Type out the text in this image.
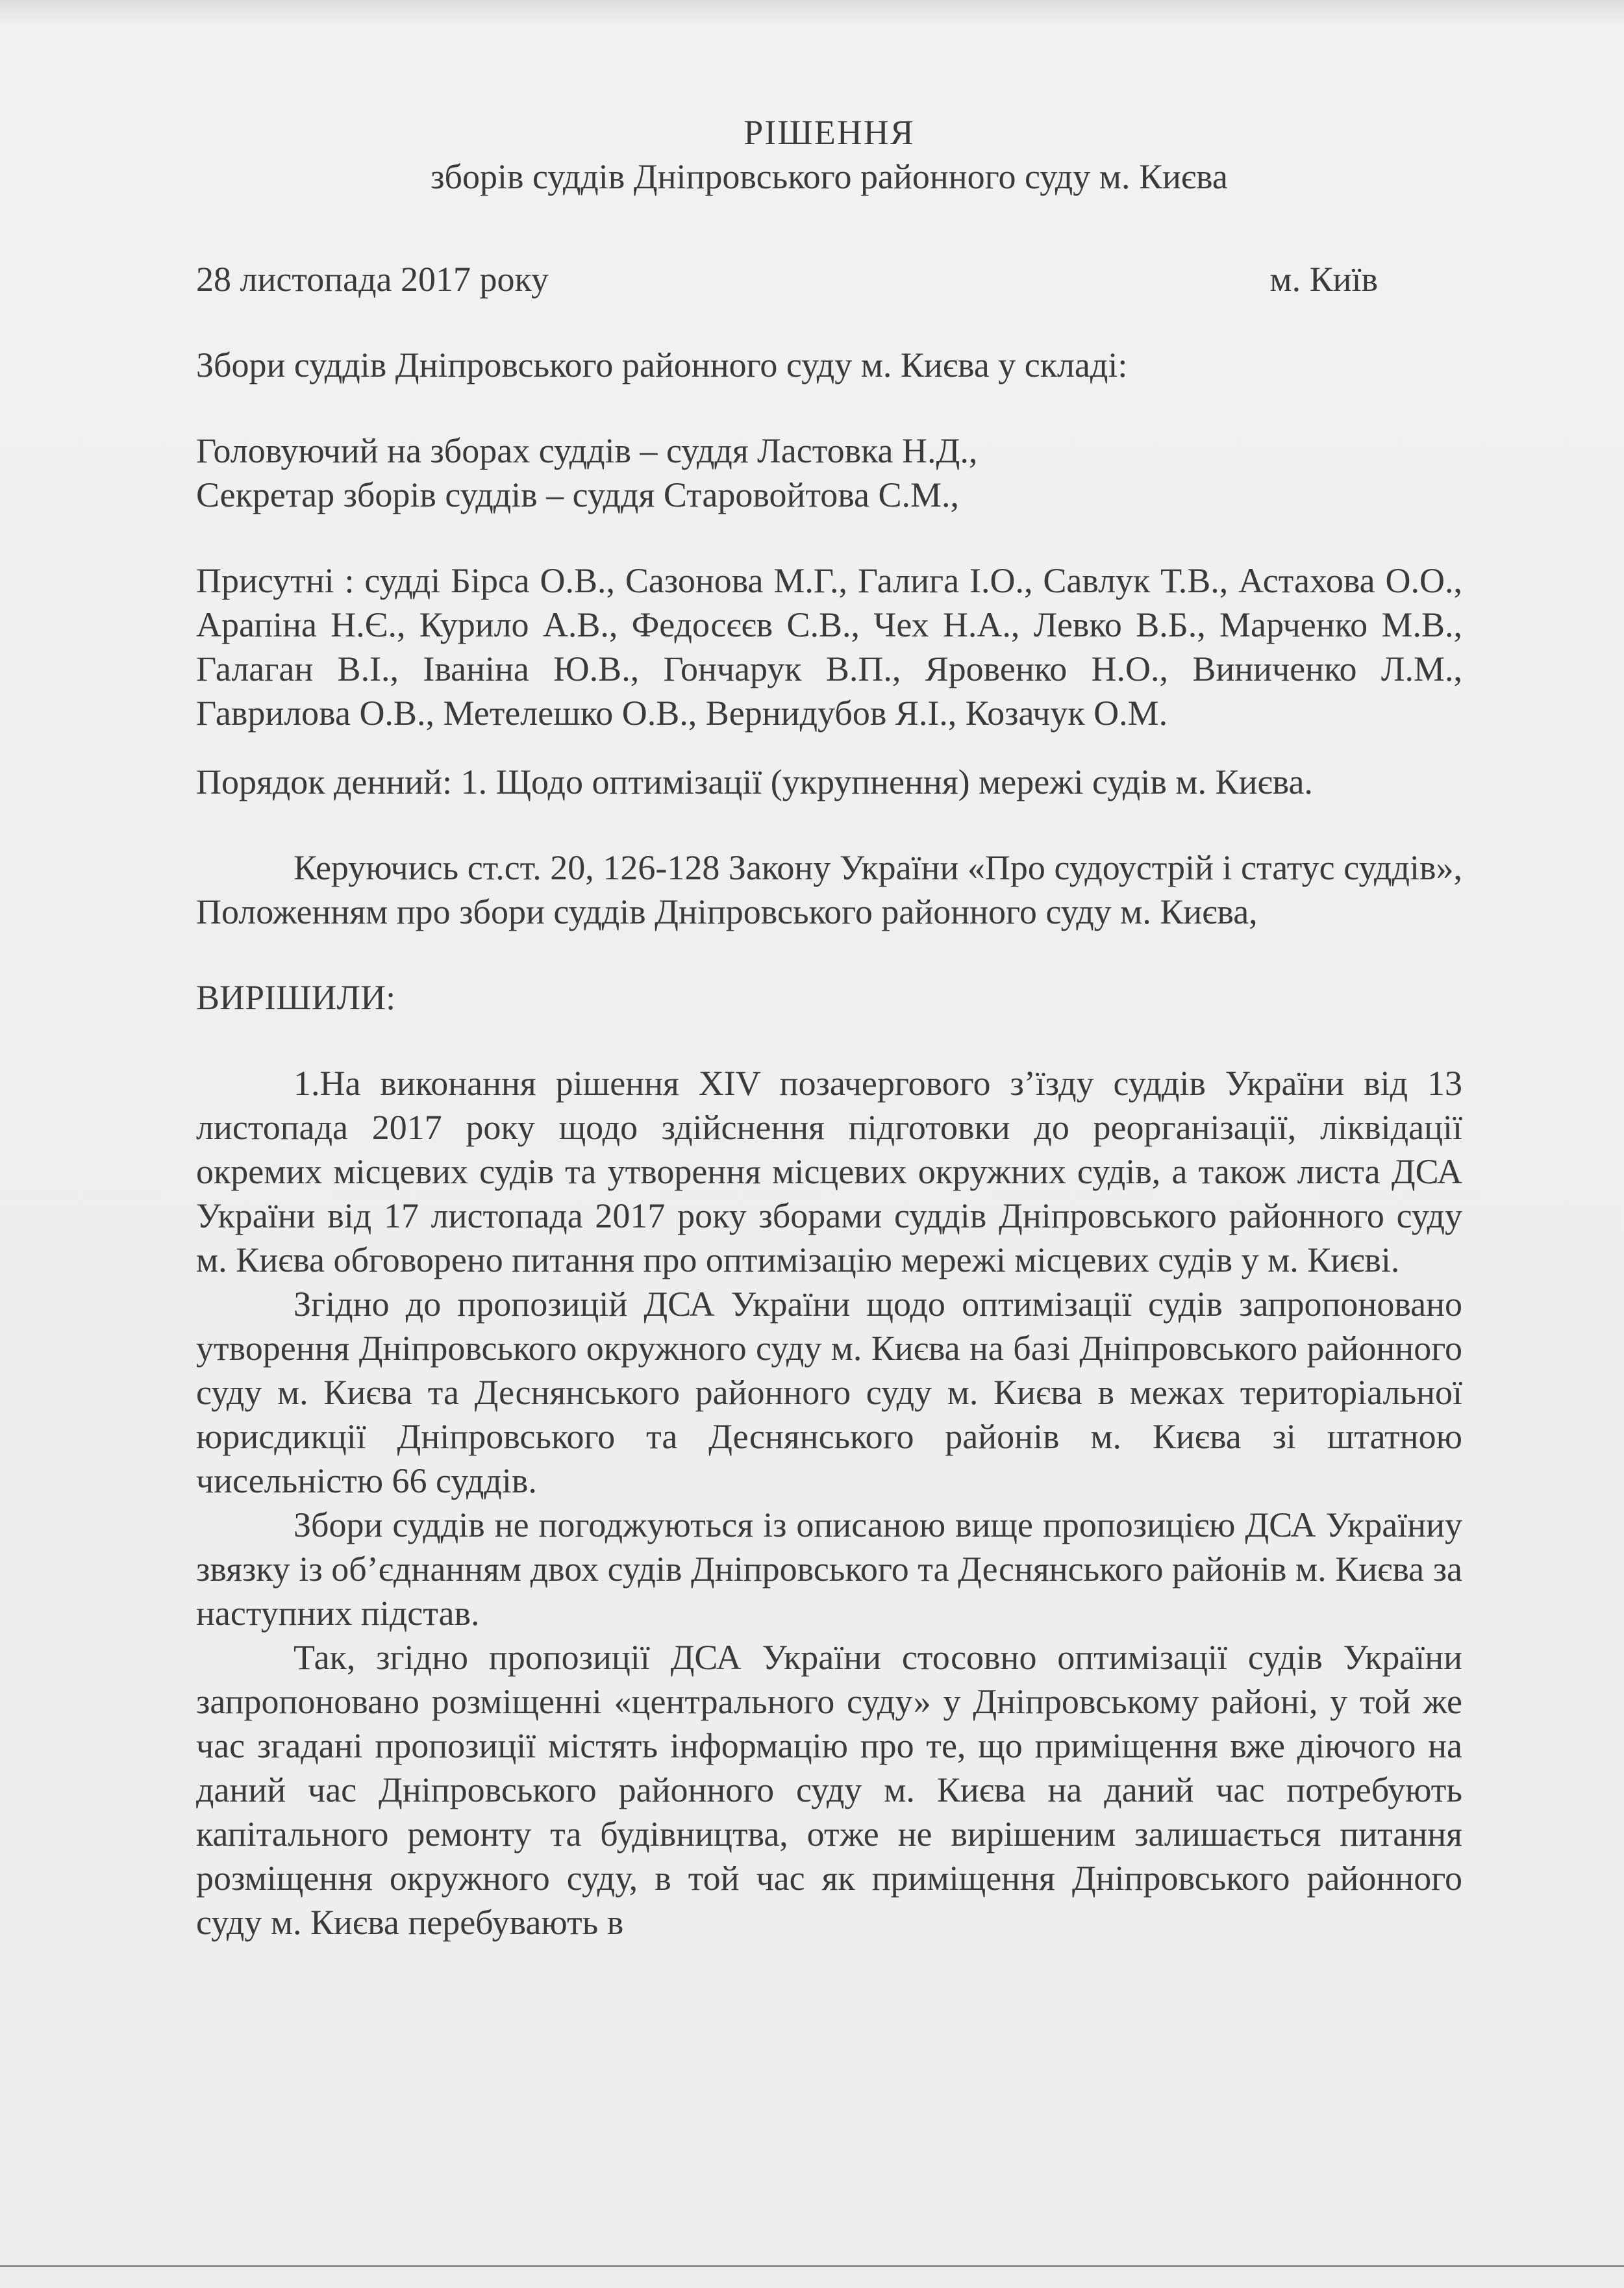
РІШЕННЯ

зборів суддів Дніпровського районного суду м. Києва

28 листопада 2017 року	м. Київ

Збори суддів Дніпровського районного суду м. Києва у складі:

Головуючий на зборах суддів – суддя Ластовка Н.Д.,

Секретар зборів суддів – суддя Старовойтова С.М.,

Присутні : судді Бірса О.В., Сазонова М.Г., Галига І.О., Савлук Т.В., Астахова О.О., Арапіна Н.Є., Курило А.В., Федосєєв С.В., Чех Н.А., Левко В.Б., Марченко М.В., Галаган В.І., Іваніна Ю.В., Гончарук В.П., Яровенко Н.О., Виниченко Л.М., Гаврилова О.В., Метелешко О.В., Вернидубов Я.І., Козачук О.М.

Порядок денний: 1. Щодо оптимізації (укрупнення) мережі судів м. Києва.

Керуючись ст.ст. 20, 126-128 Закону України «Про судоустрій і статус суддів», Положенням про збори суддів Дніпровського районного суду м. Києва,

ВИРІШИЛИ:

1.На виконання рішення XIV позачергового з’їзду суддів України від 13 листопада 2017 року щодо здійснення підготовки до реорганізації, ліквідації окремих місцевих судів та утворення місцевих окружних судів, а також листа ДСА України від 17 листопада 2017 року зборами суддів Дніпровського районного суду м. Києва обговорено питання про оптимізацію мережі місцевих судів у м. Києві.

Згідно до пропозицій ДСА України щодо оптимізації судів запропоновано утворення Дніпровського окружного суду м. Києва на базі Дніпровського районного суду м. Києва та Деснянського районного суду м. Києва в межах територіальної юрисдикції Дніпровського та Деснянського районів м. Києва зі штатною чисельністю 66 суддів.

Збори суддів не погоджуються із описаною вище пропозицією ДСА Україниу звязку із об’єднанням двох судів Дніпровського та Деснянського районів м. Києва за наступних підстав.

Так, згідно пропозиції ДСА України стосовно оптимізації судів України запропоновано розміщенні «центрального суду» у Дніпровському районі, у той же час згадані пропозиції містять інформацію про те, що приміщення вже діючого на даний час Дніпровського районного суду м. Києва на даний час потребують капітального ремонту та будівництва, отже не вирішеним залишається питання розміщення окружного суду, в той час як приміщення Дніпровського районного суду м. Києва перебувають в
